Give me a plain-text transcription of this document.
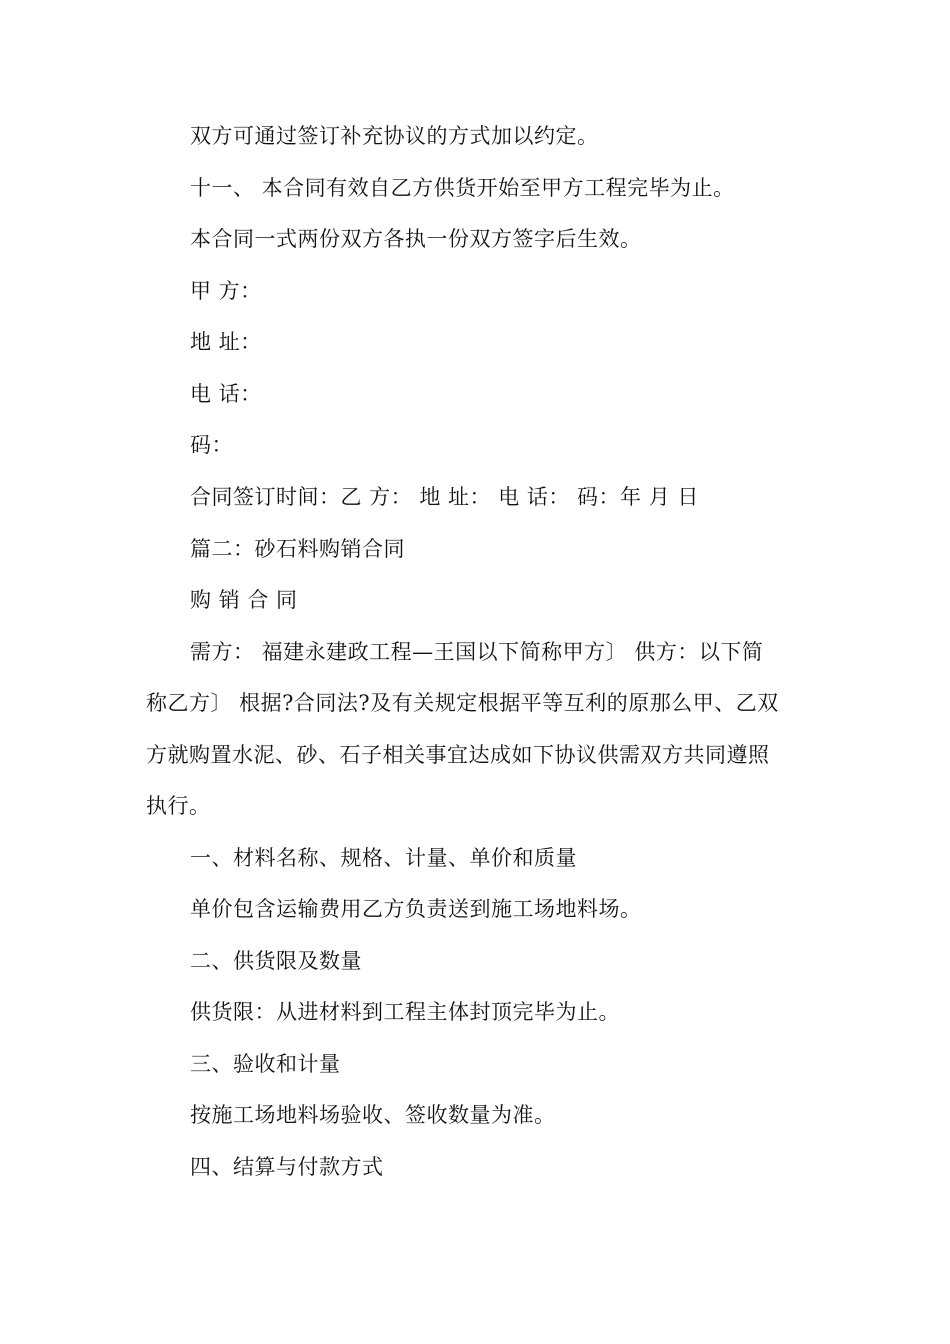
双方可通过签订补充协议的方式加以约定。

十一、 本合同有效自乙方供货开始至甲方工程完毕为止。

本合同一式两份双方各执一份双方签字后生效。

甲 方：

地 址：

电 话：

码：

合同签订时间：乙 方： 地 址： 电 话： 码：年 月 日

篇二：砂石料购销合同

购 销 合 同

需方： 福建永建政工程—王国以下简称甲方〕 供方：以下简

称乙方〕 根据?合同法?及有关规定根据平等互利的原那么甲、乙双

方就购置水泥、砂、石子相关事宜达成如下协议供需双方共同遵照

执行。

一、材料名称、规格、计量、单价和质量

单价包含运输费用乙方负责送到施工场地料场。

二、供货限及数量

供货限：从进材料到工程主体封顶完毕为止。

三、验收和计量

按施工场地料场验收、签收数量为准。

四、结算与付款方式
